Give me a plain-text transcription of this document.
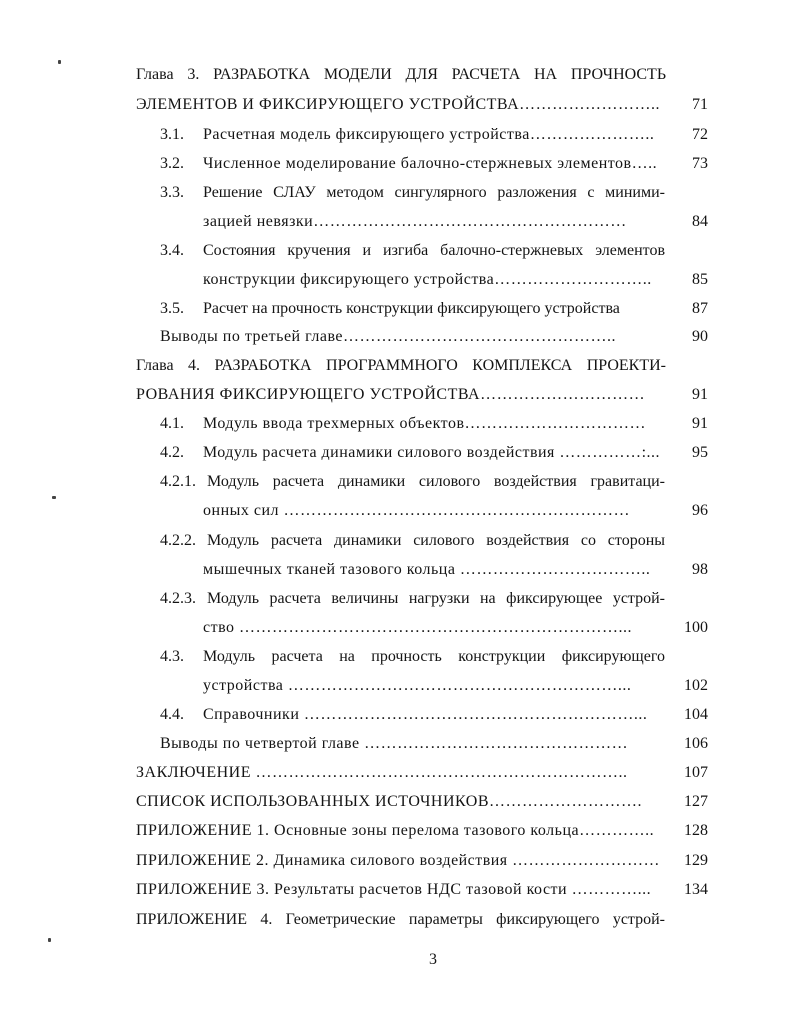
Глава 3. РАЗРАБОТКА МОДЕЛИ ДЛЯ РАСЧЕТА НА ПРОЧНОСТЬ
ЭЛЕМЕНТОВ И ФИКСИРУЮЩЕГО УСТРОЙСТВА……………………..	71
3.1. Расчетная модель фиксирующего устройства…………………..	72
3.2. Численное моделирование балочно-стержневых элементов…..	73
3.3. Решение СЛАУ методом сингулярного разложения с миними-
зацией невязки…………………………………………………	84
3.4. Состояния кручения и изгиба балочно-стержневых элементов
конструкции фиксирующего устройства………………………..	85
3.5. Расчет на прочность конструкции фиксирующего устройства	87
Выводы по третьей главе…………………………………………..	90
Глава 4. РАЗРАБОТКА ПРОГРАММНОГО КОМПЛЕКСА ПРОЕКТИ-
РОВАНИЯ ФИКСИРУЮЩЕГО УСТРОЙСТВА…………………………	91
4.1. Модуль ввода трехмерных объектов……………………………	91
4.2. Модуль расчета динамики силового воздействия ……………:...	95
4.2.1. Модуль расчета динамики силового воздействия гравитаци-
онных сил ………………………………………………………	96
4.2.2. Модуль расчета динамики силового воздействия со стороны
мышечных тканей тазового кольца ……………………………..	98
4.2.3. Модуль расчета величины нагрузки на фиксирующее устрой-
ство ……………………………………………………………...	100
4.3. Модуль расчета на прочность конструкции фиксирующего
устройства ……………………………………………………...	102
4.4. Справочники ……………………………………………………...	104
Выводы по четвертой главе …………………………………………	106
ЗАКЛЮЧЕНИЕ …………………………………………………………..	107
СПИСОК ИСПОЛЬЗОВАННЫХ ИСТОЧНИКОВ……………………….	127
ПРИЛОЖЕНИЕ 1. Основные зоны перелома тазового кольца…………..	128
ПРИЛОЖЕНИЕ 2. Динамика силового воздействия ………………………	129
ПРИЛОЖЕНИЕ 3. Результаты расчетов НДС тазовой кости …………...	134
ПРИЛОЖЕНИЕ 4. Геометрические параметры фиксирующего устрой-
3
